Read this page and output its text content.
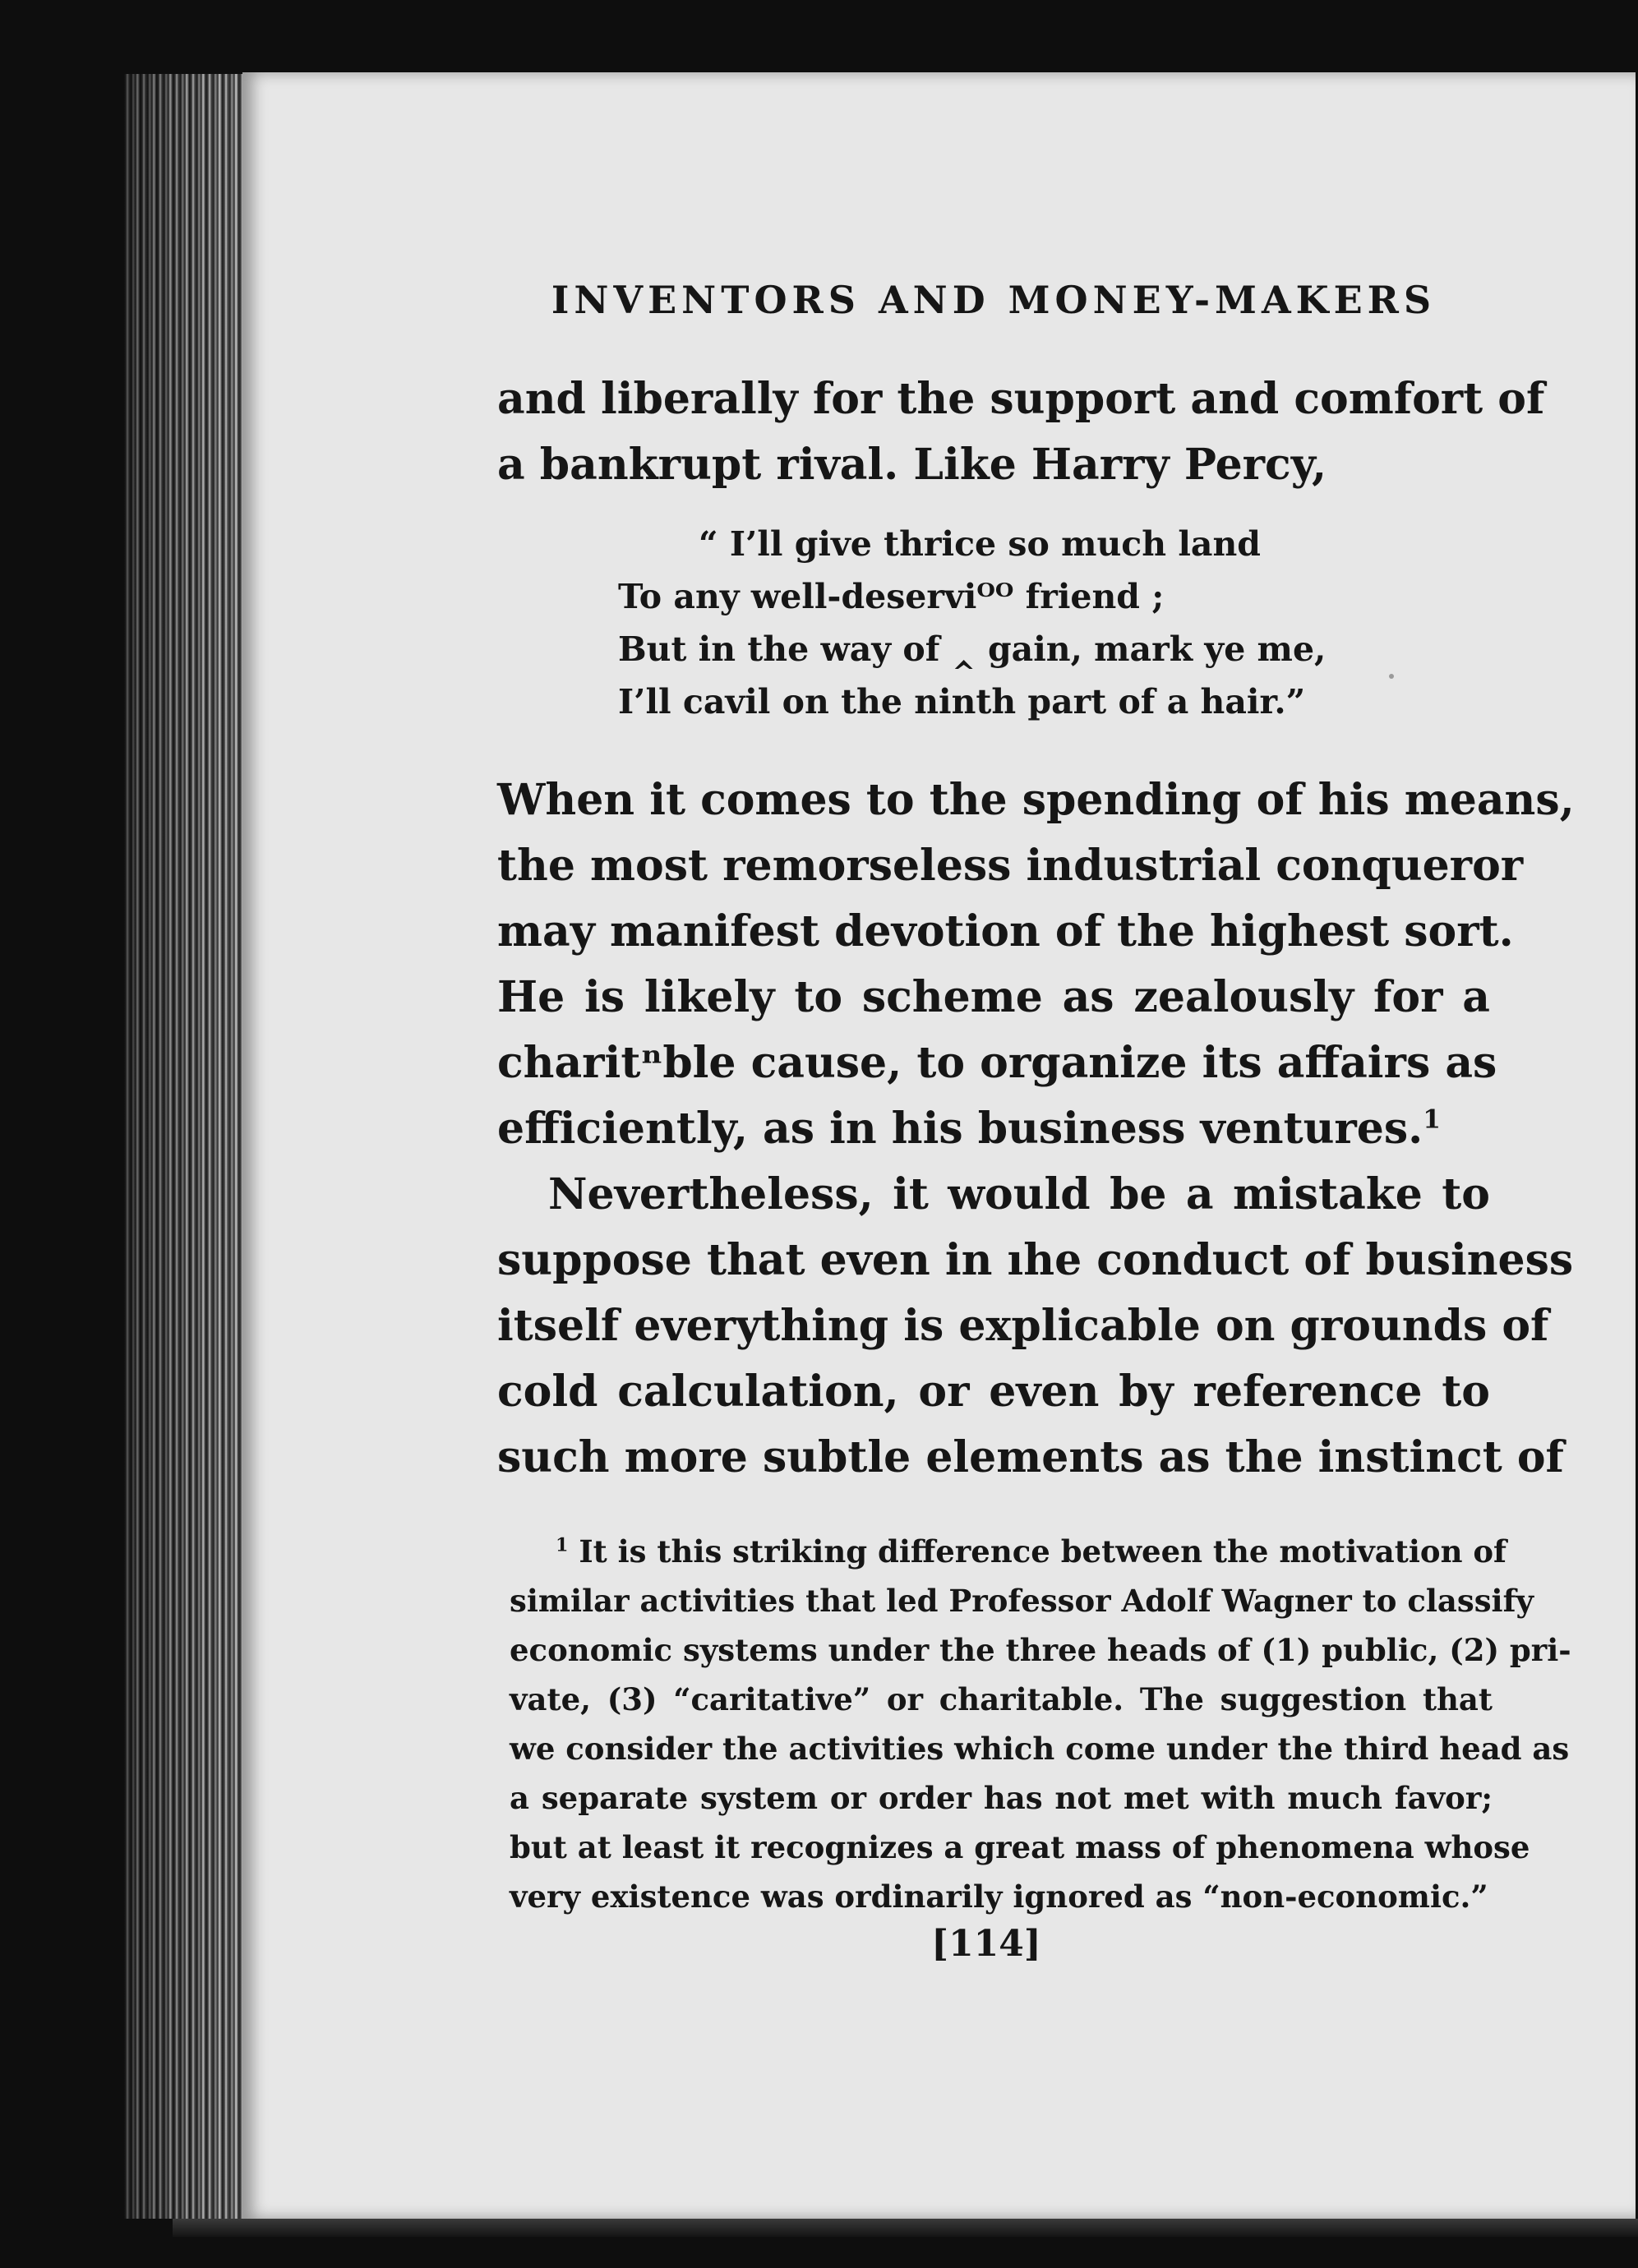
INVENTORS AND MONEY-MAKERS
and liberally for the support and comfort of
a bankrupt rival. Like Harry Percy,
“ I’ll give thrice so much land
To any well-deserviᴼᴼ friend ;
But in the way of ‸ gain, mark ye me,
I’ll cavil on the ninth part of a hair.”
When it comes to the spending of his means,
the most remorseless industrial conqueror
may manifest devotion of the highest sort.
He is likely to scheme as zealously for a
charitⁿble cause, to organize its affairs as
efficiently, as in his business ventures.$^1$
Nevertheless, it would be a mistake to
suppose that even in ıhe conduct of business
itself everything is explicable on grounds of
cold calculation, or even by reference to
such more subtle elements as the instinct of
$^1$ It is this striking difference between the motivation of
similar activities that led Professor Adolf Wagner to classify
economic systems under the three heads of (1) public, (2) pri-
vate, (3) “caritative” or charitable. The suggestion that
we consider the activities which come under the third head as
a separate system or order has not met with much favor;
but at least it recognizes a great mass of phenomena whose
very existence was ordinarily ignored as “non-economic.”
[114]
